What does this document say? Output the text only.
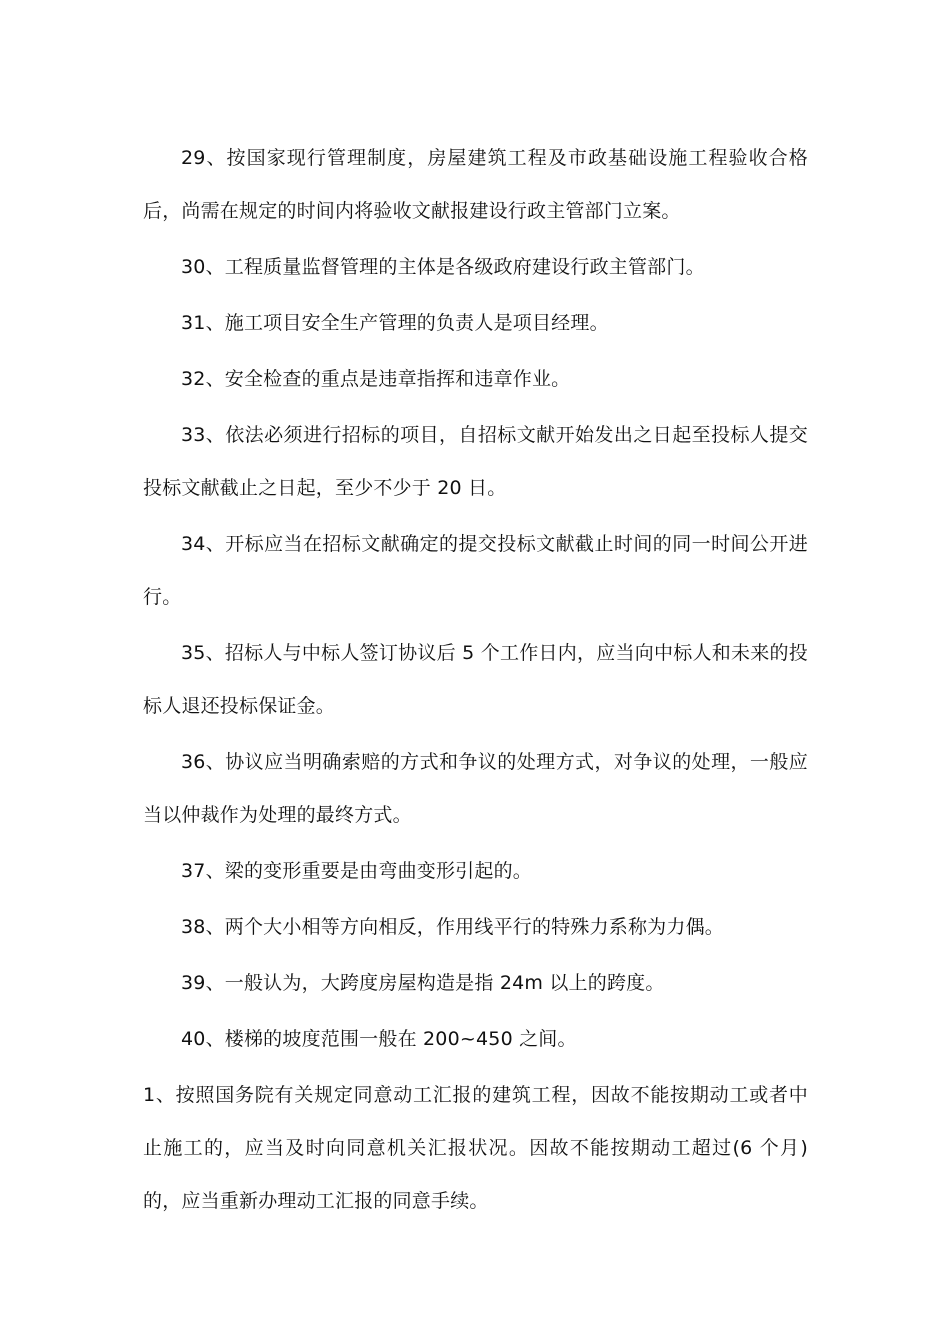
29、按国家现行管理制度，房屋建筑工程及市政基础设施工程验收合格后，尚需在规定的时间内将验收文献报建设行政主管部门立案。

30、工程质量监督管理的主体是各级政府建设行政主管部门。

31、施工项目安全生产管理的负责人是项目经理。

32、安全检查的重点是违章指挥和违章作业。

33、依法必须进行招标的项目，自招标文献开始发出之日起至投标人提交投标文献截止之日起，至少不少于 20 日。

34、开标应当在招标文献确定的提交投标文献截止时间的同一时间公开进行。

35、招标人与中标人签订协议后 5 个工作日内，应当向中标人和未来的投标人退还投标保证金。

36、协议应当明确索赔的方式和争议的处理方式，对争议的处理，一般应当以仲裁作为处理的最终方式。

37、梁的变形重要是由弯曲变形引起的。

38、两个大小相等方向相反，作用线平行的特殊力系称为力偶。

39、一般认为，大跨度房屋构造是指 24m 以上的跨度。

40、楼梯的坡度范围一般在 200~450 之间。

1、按照国务院有关规定同意动工汇报的建筑工程，因故不能按期动工或者中止施工的，应当及时向同意机关汇报状况。因故不能按期动工超过(6 个月)的，应当重新办理动工汇报的同意手续。
